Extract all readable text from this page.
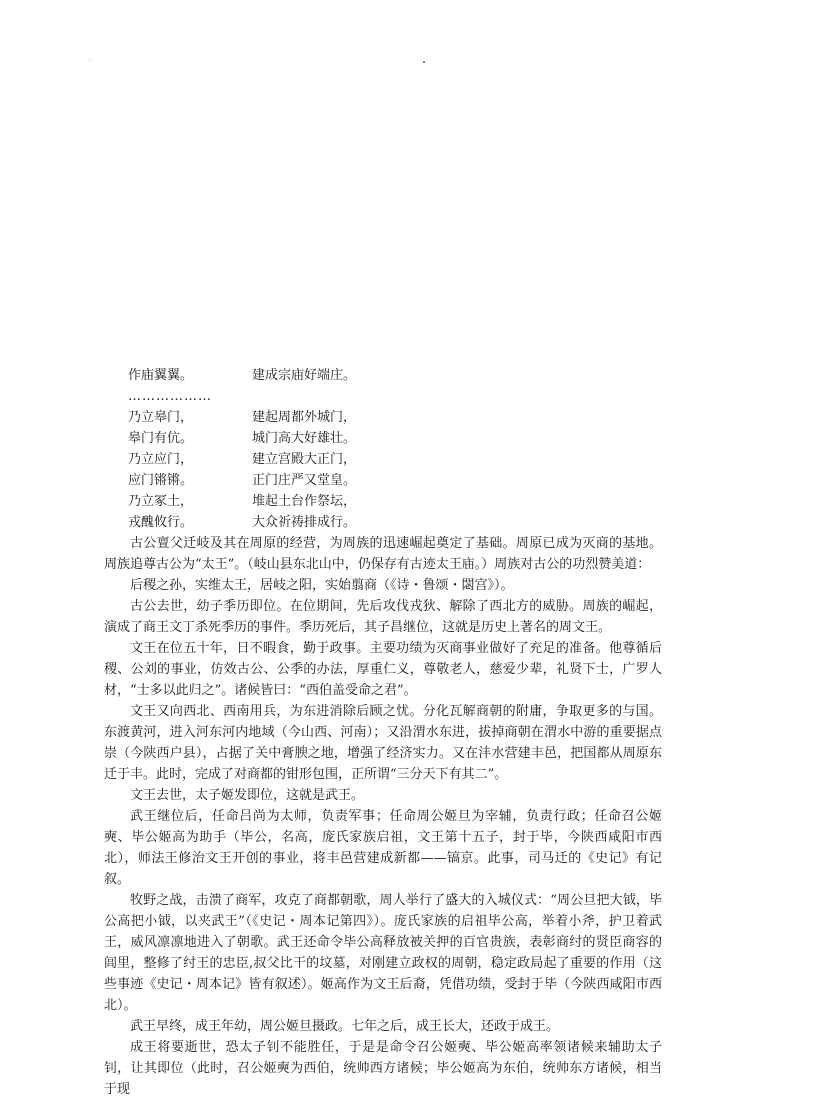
作庙翼翼。	建成宗庙好端庄。
………………
乃立皋门，	建起周都外城门，
皋门有伉。	城门高大好雄壮。
乃立应门，	建立宫殿大正门，
应门锵锵。	正门庄严又堂皇。
乃立冢土，	堆起土台作祭坛，
戎醜攸行。	大众祈祷排成行。

古公亶父迁岐及其在周原的经营，为周族的迅速崛起奠定了基础。周原已成为灭商的基地。周族追尊古公为“太王”。（岐山县东北山中，仍保存有古迹太王庙。）周族对古公的功烈赞美道：

后稷之孙，实维太王，居岐之阳，实始翦商（《诗・鲁颂・閟宫》）。

古公去世，幼子季历即位。在位期间，先后攻伐戎狄、解除了西北方的威胁。周族的崛起，演成了商王文丁杀死季历的事件。季历死后，其子昌继位，这就是历史上著名的周文王。

文王在位五十年，日不暇食，勤于政事。主要功绩为灭商事业做好了充足的准备。他尊循后稷、公刘的事业，仿效古公、公季的办法，厚重仁义，尊敬老人，慈爱少辈，礼贤下士，广罗人材，“士多以此归之”。诸候皆曰：“西伯盖受命之君”。

文王又向西北、西南用兵，为东进消除后顾之忧。分化瓦解商朝的附庸，争取更多的与国。东渡黄河，进入河东河内地域（今山西、河南）；又沿渭水东进，拔掉商朝在渭水中游的重要据点崇（今陕西户县），占据了关中膏腴之地，增强了经济实力。又在沣水营建丰邑，把国都从周原东迁于丰。此时，完成了对商都的钳形包围，正所谓“三分天下有其二”。

文王去世，太子姬发即位，这就是武王。

武王继位后，任命吕尚为太师，负责军事；任命周公姬旦为宰辅，负责行政；任命召公姬奭、毕公姬高为助手（毕公，名高，庞氏家族启祖，文王第十五子，封于毕，今陕西咸阳市西北），师法王修治文王开创的事业，将丰邑营建成新都——镐京。此事，司马迁的《史记》有记叙。

牧野之战，击溃了商军，攻克了商都朝歌，周人举行了盛大的入城仪式：“周公旦把大钺，毕公高把小钺，以夹武王”（《史记・周本记第四》）。庞氏家族的启祖毕公高，举着小斧，护卫着武王，威风凛凛地进入了朝歌。武王还命令毕公高释放被关押的百官贵族，表彰商纣的贤臣商容的闾里，整修了纣王的忠臣,叔父比干的坟墓，对刚建立政权的周朝，稳定政局起了重要的作用（这些事迹《史记・周本记》皆有叙述）。姬高作为文王后裔，凭借功绩，受封于毕（今陕西咸阳市西北）。

武王早终，成王年幼，周公姬旦摄政。七年之后，成王长大，还政于成王。

成王将要逝世，恐太子钊不能胜任，于是是命令召公姬奭、毕公姬高率领诸候来辅助太子钊，让其即位（此时，召公姬奭为西伯，统帅西方诸候；毕公姬高为东伯，统帅东方诸候，相当于现
